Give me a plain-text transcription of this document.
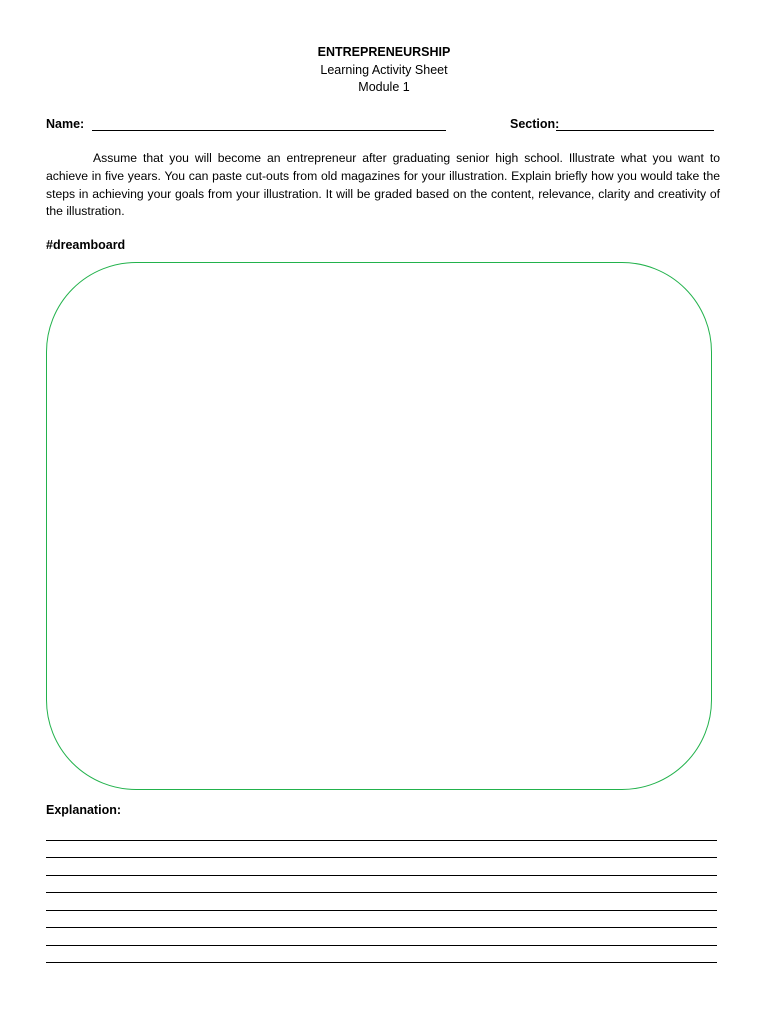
ENTREPRENEURSHIP
Learning Activity Sheet
Module 1
Name:	Section:

Assume that you will become an entrepreneur after graduating senior high school. Illustrate what you want to achieve in five years. You can paste cut-outs from old magazines for your illustration. Explain briefly how you would take the steps in achieving your goals from your illustration. It will be graded based on the content, relevance, clarity and creativity of the illustration.

#dreamboard
Explanation:
